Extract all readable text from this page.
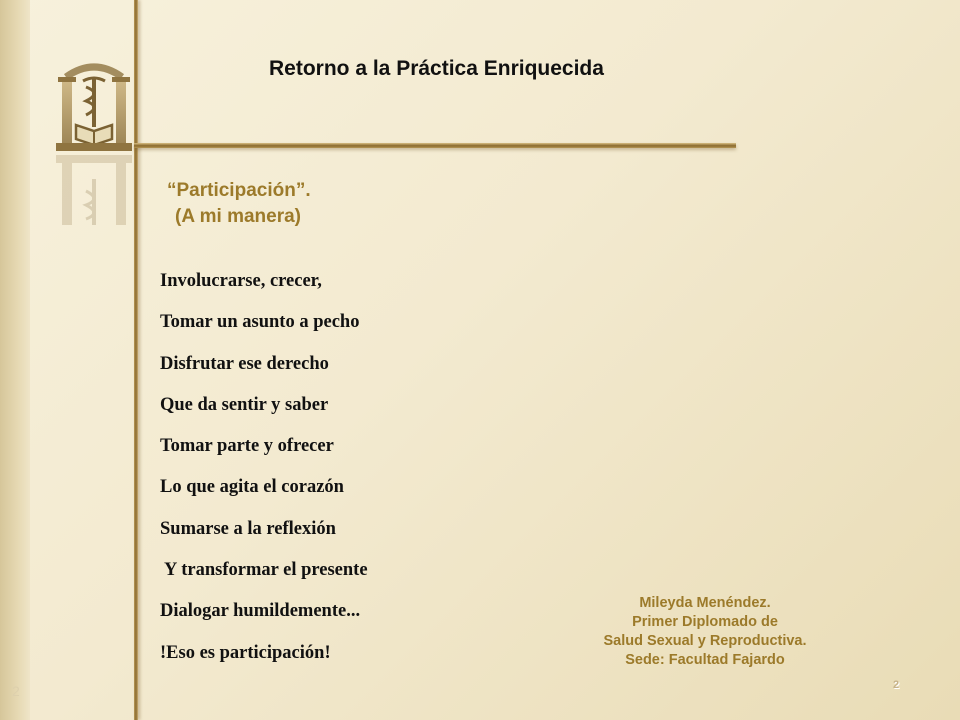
Retorno a la Práctica Enriquecida
“Participación”.
(A mi manera)
Involucrarse, crecer,
Tomar un asunto a pecho
Disfrutar ese derecho
Que da sentir y saber
Tomar parte y ofrecer
Lo que agita el corazón
Sumarse a la reflexión
Y transformar el presente
Dialogar humildemente...
!Eso es participación!
Mileyda Menéndez.
Primer Diplomado de
Salud Sexual y Reproductiva.
Sede: Facultad Fajardo
2
2
